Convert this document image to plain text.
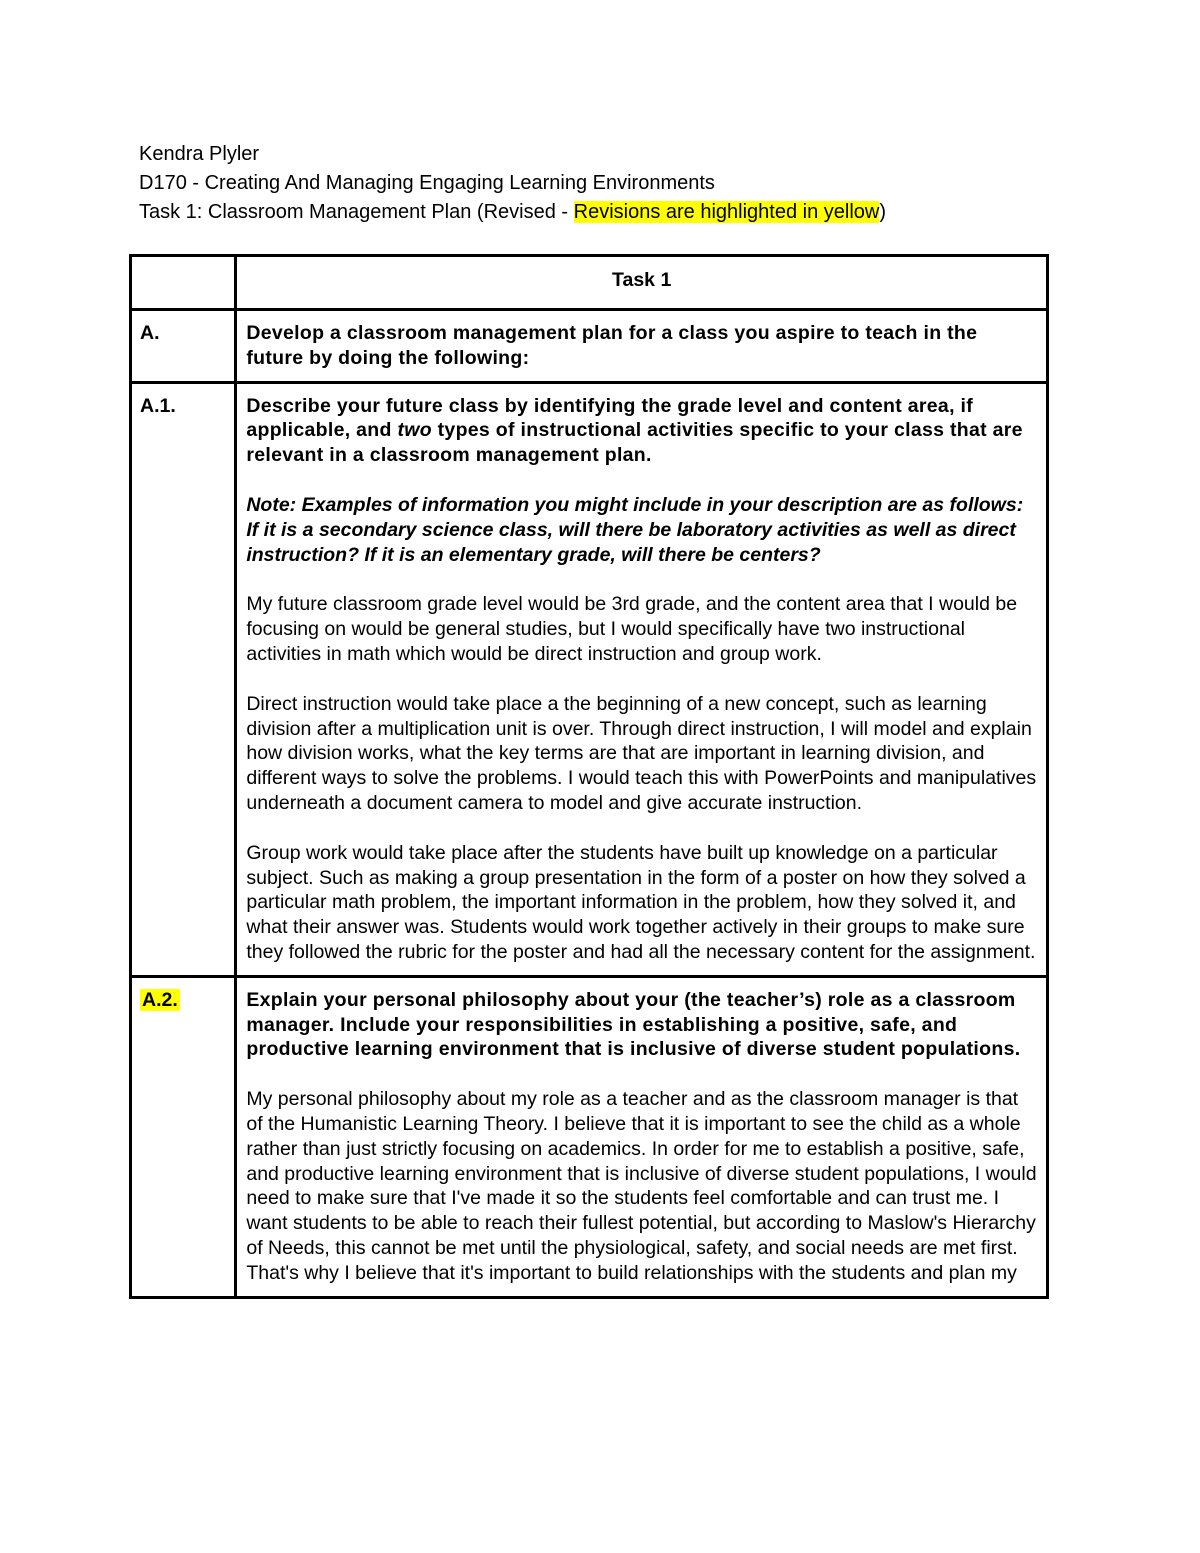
Kendra Plyler
D170 - Creating And Managing Engaging Learning Environments
Task 1: Classroom Management Plan (Revised - Revisions are highlighted in yellow)
	Task 1
A.	Develop a classroom management plan for a class you aspire to teach in the future by doing the following:

A.1.	Describe your future class by identifying the grade level and content area, if applicable, and two types of instructional activities specific to your class that are relevant in a classroom management plan.
Note: Examples of information you might include in your description are as follows: If it is a secondary science class, will there be laboratory activities as well as direct instruction? If it is an elementary grade, will there be centers?

My future classroom grade level would be 3rd grade, and the content area that I would be focusing on would be general studies, but I would specifically have two instructional activities in math which would be direct instruction and group work.

Direct instruction would take place a the beginning of a new concept, such as learning division after a multiplication unit is over. Through direct instruction, I will model and explain how division works, what the key terms are that are important in learning division, and different ways to solve the problems. I would teach this with PowerPoints and manipulatives underneath a document camera to model and give accurate instruction.

Group work would take place after the students have built up knowledge on a particular subject. Such as making a group presentation in the form of a poster on how they solved a particular math problem, the important information in the problem, how they solved it, and what their answer was. Students would work together actively in their groups to make sure they followed the rubric for the poster and had all the necessary content for the assignment.

A.2.	Explain your personal philosophy about your (the teacher’s) role as a classroom manager. Include your responsibilities in establishing a positive, safe, and productive learning environment that is inclusive of diverse student populations.

My personal philosophy about my role as a teacher and as the classroom manager is that of the Humanistic Learning Theory. I believe that it is important to see the child as a whole rather than just strictly focusing on academics. In order for me to establish a positive, safe, and productive learning environment that is inclusive of diverse student populations, I would need to make sure that I've made it so the students feel comfortable and can trust me. I want students to be able to reach their fullest potential, but according to Maslow's Hierarchy of Needs, this cannot be met until the physiological, safety, and social needs are met first. That's why I believe that it's important to build relationships with the students and plan my
